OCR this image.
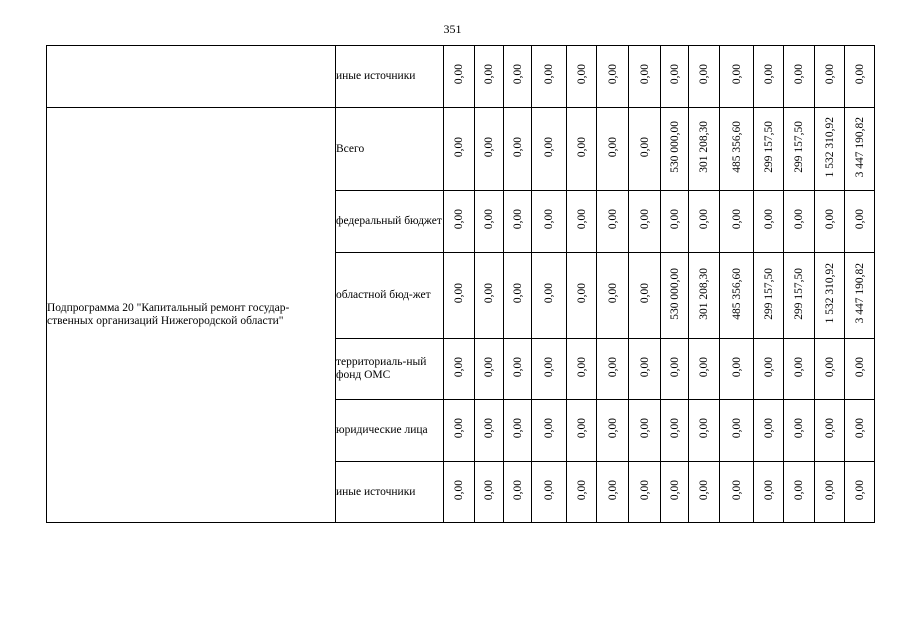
351
	иные источники	0,00	0,00	0,00	0,00	0,00	0,00	0,00	0,00	0,00	0,00	0,00	0,00	0,00	0,00
Подпрограмма 20 "Капитальный ремонт государ-ственных организаций Нижегородской области"	Всего	0,00	0,00	0,00	0,00	0,00	0,00	0,00	530 000,00	301 208,30	485 356,60	299 157,50	299 157,50	1 532 310,92	3 447 190,82
	федеральный бюджет	0,00	0,00	0,00	0,00	0,00	0,00	0,00	0,00	0,00	0,00	0,00	0,00	0,00	0,00
	областной бюд-жет	0,00	0,00	0,00	0,00	0,00	0,00	0,00	530 000,00	301 208,30	485 356,60	299 157,50	299 157,50	1 532 310,92	3 447 190,82
	территориаль-ный фонд ОМС	0,00	0,00	0,00	0,00	0,00	0,00	0,00	0,00	0,00	0,00	0,00	0,00	0,00	0,00
	юридические лица	0,00	0,00	0,00	0,00	0,00	0,00	0,00	0,00	0,00	0,00	0,00	0,00	0,00	0,00
	иные источники	0,00	0,00	0,00	0,00	0,00	0,00	0,00	0,00	0,00	0,00	0,00	0,00	0,00	0,00
